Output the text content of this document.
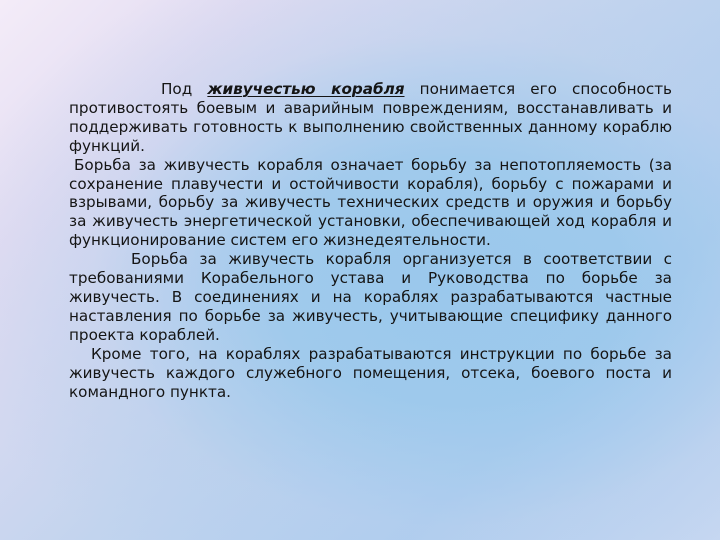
Под живучестью корабля понимается его способность противостоять боевым и аварийным повреждениям, восстанавливать и поддерживать готовность к выполнению свойственных данному кораблю функций.

Борьба за живучесть корабля означает борьбу за непотопляемость (за сохранение плавучести и остойчивости корабля), борьбу с пожарами и взрывами, борьбу за живучесть технических средств и оружия и борьбу за живучесть энергетической установки, обеспечивающей ход корабля и функционирование систем его жизнедеятельности.

Борьба за живучесть корабля организуется в соответствии с требованиями Корабельного устава и Руководства по борьбе за живучесть. В соединениях и на кораблях разрабатываются частные наставления по борьбе за живучесть, учитывающие специфику данного проекта кораблей.

Кроме того, на кораблях разрабатываются инструкции по борьбе за живучесть каждого служебного помещения, отсека, боевого поста и командного пункта.
